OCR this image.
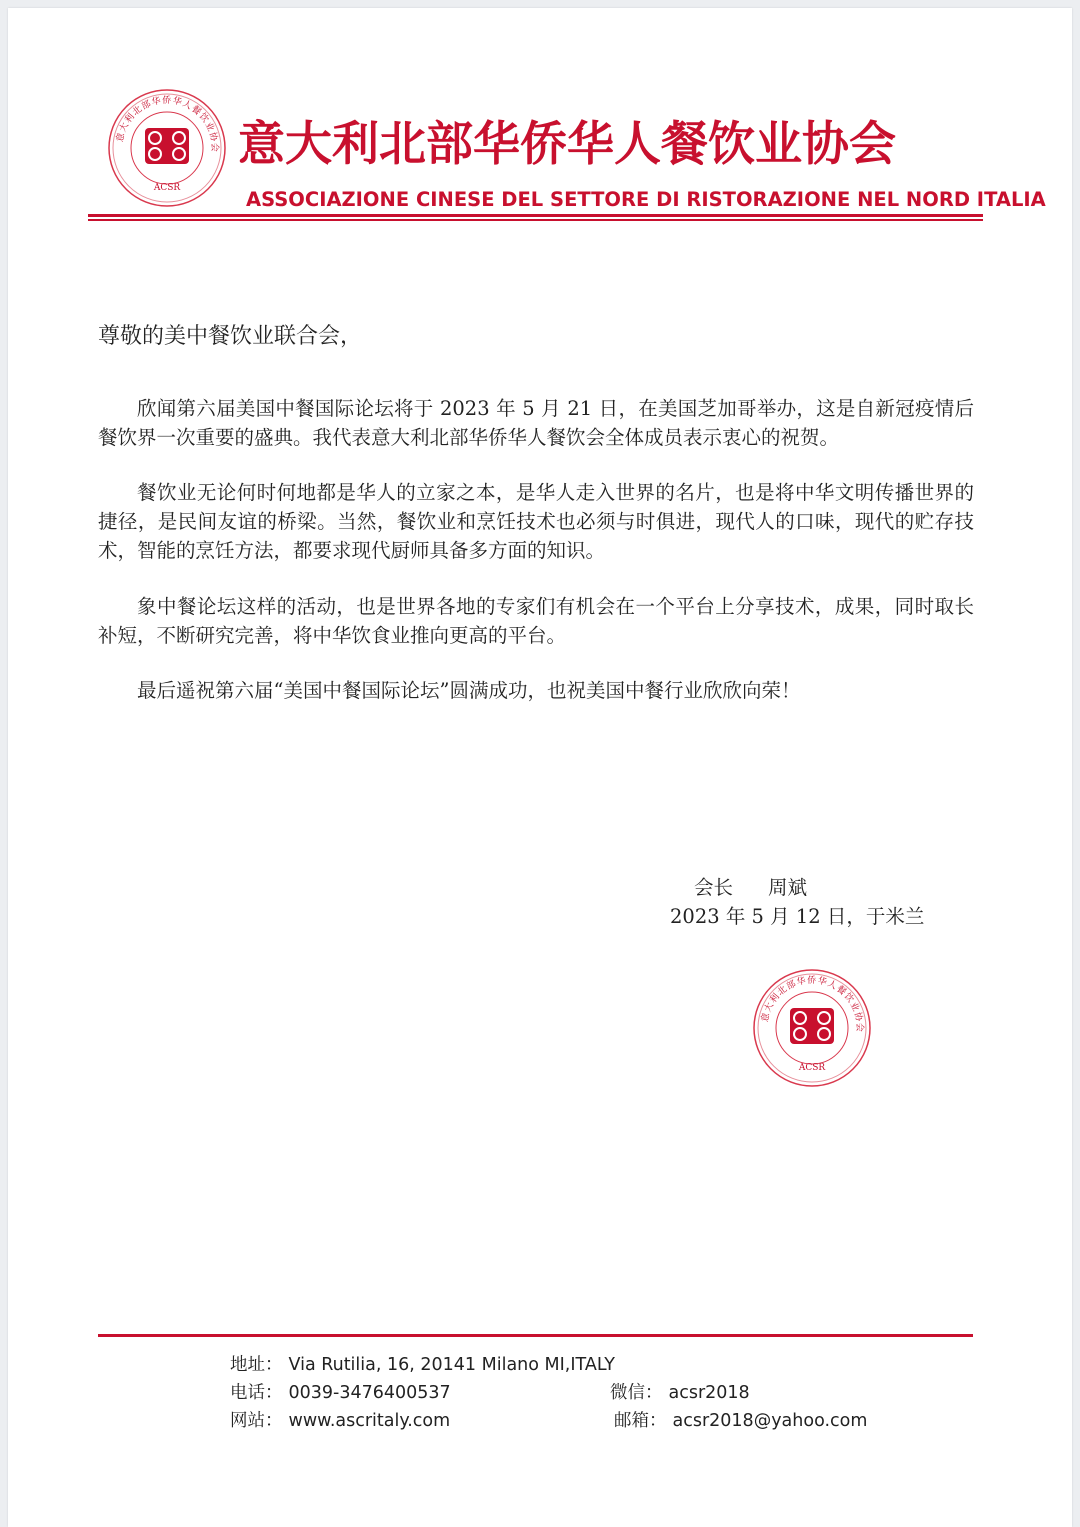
意大利北部华侨华人餐饮业协会
ACSR
意大利北部华侨华人餐饮业协会
ASSOCIAZIONE CINESE DEL SETTORE DI RISTORAZIONE NEL NORD ITALIA
尊敬的美中餐饮业联合会，

欣闻第六届美国中餐国际论坛将于 2023 年 5 月 21 日，在美国芝加哥举办，这是自新冠疫情后餐饮界一次重要的盛典。我代表意大利北部华侨华人餐饮会全体成员表示衷心的祝贺。

餐饮业无论何时何地都是华人的立家之本，是华人走入世界的名片，也是将中华文明传播世界的捷径，是民间友谊的桥梁。当然，餐饮业和烹饪技术也必须与时俱进，现代人的口味，现代的贮存技术，智能的烹饪方法，都要求现代厨师具备多方面的知识。

象中餐论坛这样的活动，也是世界各地的专家们有机会在一个平台上分享技术，成果，同时取长补短，不断研究完善，将中华饮食业推向更高的平台。

最后遥祝第六届“美国中餐国际论坛”圆满成功，也祝美国中餐行业欣欣向荣！

会长 周斌
2023 年 5 月 12 日，于米兰
意大利北部华侨华人餐饮业协会
ACSR
地址： Via Rutilia, 16, 20141 Milano MI,ITALY
电话： 0039-3476400537
网站： www.ascritaly.com
微信： acsr2018
邮箱： acsr2018@yahoo.com
